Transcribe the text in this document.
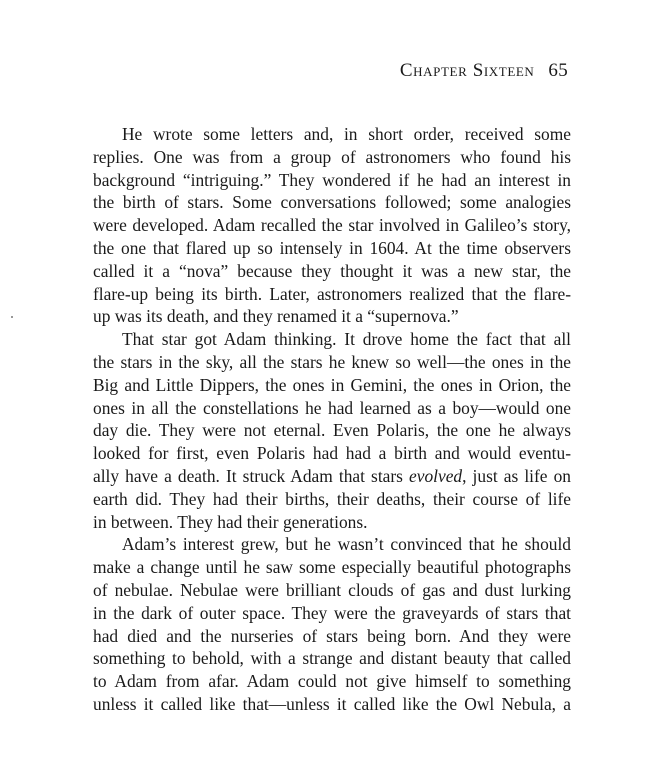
Chapter Sixteen 65
He wrote some letters and, in short order, received some
replies. One was from a group of astronomers who found his
background “intriguing.” They wondered if he had an interest in
the birth of stars. Some conversations followed; some analogies
were developed. Adam recalled the star involved in Galileo’s story,
the one that flared up so intensely in 1604. At the time observers
called it a “nova” because they thought it was a new star, the
flare-up being its birth. Later, astronomers realized that the flare-
up was its death, and they renamed it a “supernova.”
That star got Adam thinking. It drove home the fact that all
the stars in the sky, all the stars he knew so well—the ones in the
Big and Little Dippers, the ones in Gemini, the ones in Orion, the
ones in all the constellations he had learned as a boy—would one
day die. They were not eternal. Even Polaris, the one he always
looked for first, even Polaris had had a birth and would eventu-
ally have a death. It struck Adam that stars evolved, just as life on
earth did. They had their births, their deaths, their course of life
in between. They had their generations.
Adam’s interest grew, but he wasn’t convinced that he should
make a change until he saw some especially beautiful photographs
of nebulae. Nebulae were brilliant clouds of gas and dust lurking
in the dark of outer space. They were the graveyards of stars that
had died and the nurseries of stars being born. And they were
something to behold, with a strange and distant beauty that called
to Adam from afar. Adam could not give himself to something
unless it called like that—unless it called like the Owl Nebula, a
